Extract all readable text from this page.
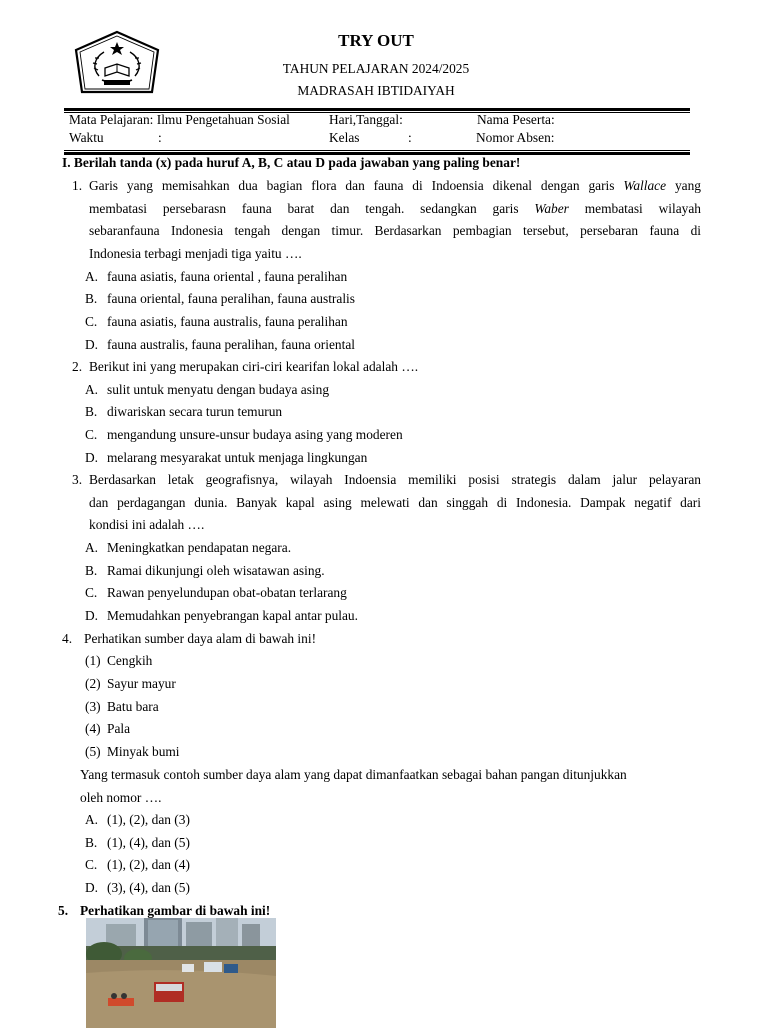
TRY OUT
TAHUN PELAJARAN 2024/2025
MADRASAH IBTIDAIYAH
Mata Pelajaran: Ilmu Pengetahuan Sosial	Hari,Tanggal:	Nama Peserta:
Waktu	:	Kelas	:	Nomor Absen:
I. Berilah tanda (x) pada huruf A, B, C atau D pada jawaban yang paling benar!
1. Garis yang memisahkan dua bagian flora dan fauna di Indoensia dikenal dengan garis Wallace yang
membatasi persebarasn fauna barat dan tengah. sedangkan garis Waber membatasi wilayah
sebaranfauna Indonesia tengah dengan timur. Berdasarkan pembagian tersebut, persebaran fauna di
Indonesia terbagi menjadi tiga yaitu ….
A. fauna asiatis, fauna oriental , fauna peralihan
B. fauna oriental, fauna peralihan, fauna australis
C. fauna asiatis, fauna australis, fauna peralihan
D. fauna australis, fauna peralihan, fauna oriental
2. Berikut ini yang merupakan ciri-ciri kearifan lokal adalah ….
A. sulit untuk menyatu dengan budaya asing
B. diwariskan secara turun temurun
C. mengandung unsure-unsur budaya asing yang moderen
D. melarang mesyarakat untuk menjaga lingkungan
3. Berdasarkan letak geografisnya, wilayah Indoensia memiliki posisi strategis dalam jalur pelayaran
dan perdagangan dunia. Banyak kapal asing melewati dan singgah di Indonesia. Dampak negatif dari
kondisi ini adalah ….
A. Meningkatkan pendapatan negara.
B. Ramai dikunjungi oleh wisatawan asing.
C. Rawan penyelundupan obat-obatan terlarang
D. Memudahkan penyebrangan kapal antar pulau.
4. Perhatikan sumber daya alam di bawah ini!
(1) Cengkih
(2) Sayur mayur
(3) Batu bara
(4) Pala
(5) Minyak bumi
Yang termasuk contoh sumber daya alam yang dapat dimanfaatkan sebagai bahan pangan ditunjukkan
oleh nomor ….
A. (1), (2), dan (3)
B. (1), (4), dan (5)
C. (1), (2), dan (4)
D. (3), (4), dan (5)
5. Perhatikan gambar di bawah ini!
